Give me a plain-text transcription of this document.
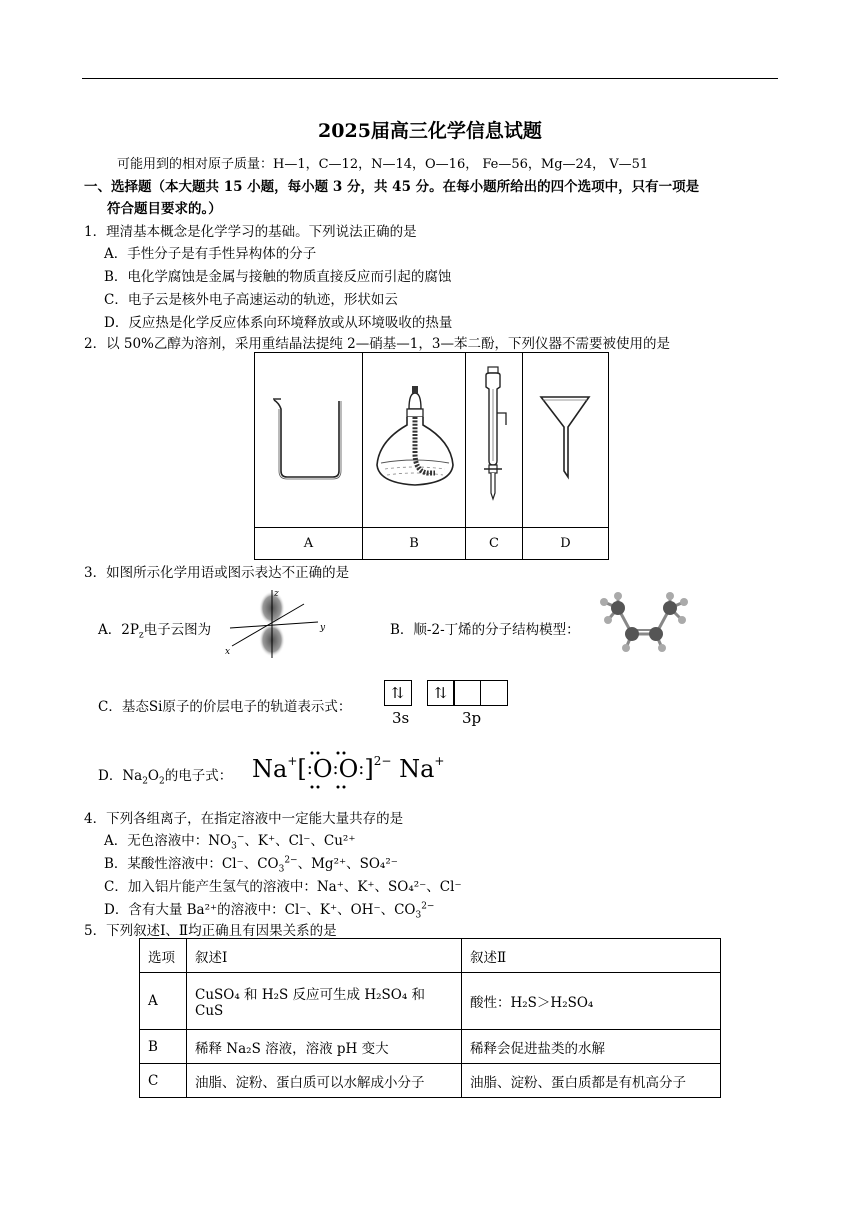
2025届高三化学信息试题
可能用到的相对原子质量：H—1，C—12，N—14，O—16， Fe—56，Mg—24， V—51
一、选择题（本大题共 15 小题，每小题 3 分，共 45 分。在每小题所给出的四个选项中，只有一项是
符合题目要求的。）
1．理清基本概念是化学学习的基础。下列说法正确的是
A．手性分子是有手性异构体的分子
B．电化学腐蚀是金属与接触的物质直接反应而引起的腐蚀
C．电子云是核外电子高速运动的轨迹，形状如云
D．反应热是化学反应体系向环境释放或从环境吸收的热量
2．以 50%乙醇为溶剂，采用重结晶法提纯 2—硝基—1，3—苯二酚，下列仪器不需要被使用的是

A	B	C	D
3．如图所示化学用语或图示表达不正确的是
A．$2P_z$电子云图为
z
y
x
B．顺-2-丁烯的分子结构模型：
C．基态Si原子的价层电子的轨道表示式：
⇅	⇅
3s	3p
D．$Na_2O_2$的电子式： Na+[:O:O:]$^{2-}$ Na+
4．下列各组离子，在指定溶液中一定能大量共存的是
A．无色溶液中：$NO_3^-$、K⁺、Cl⁻、Cu²⁺
B．某酸性溶液中：Cl⁻、$CO_3^{2-}$、Mg²⁺、SO₄²⁻
C．加入铝片能产生氢气的溶液中：Na⁺、K⁺、SO₄²⁻、Cl⁻
D．含有大量 Ba²⁺的溶液中：Cl⁻、K⁺、OH⁻、$CO_3^{2-}$
5．下列叙述Ⅰ、Ⅱ均正确且有因果关系的是
选项	叙述Ⅰ	叙述Ⅱ
A	CuSO₄ 和 H₂S 反应可生成 H₂SO₄ 和 CuS	酸性：H₂S＞H₂SO₄
B	稀释 Na₂S 溶液，溶液 pH 变大	稀释会促进盐类的水解
C	油脂、淀粉、蛋白质可以水解成小分子	油脂、淀粉、蛋白质都是有机高分子
